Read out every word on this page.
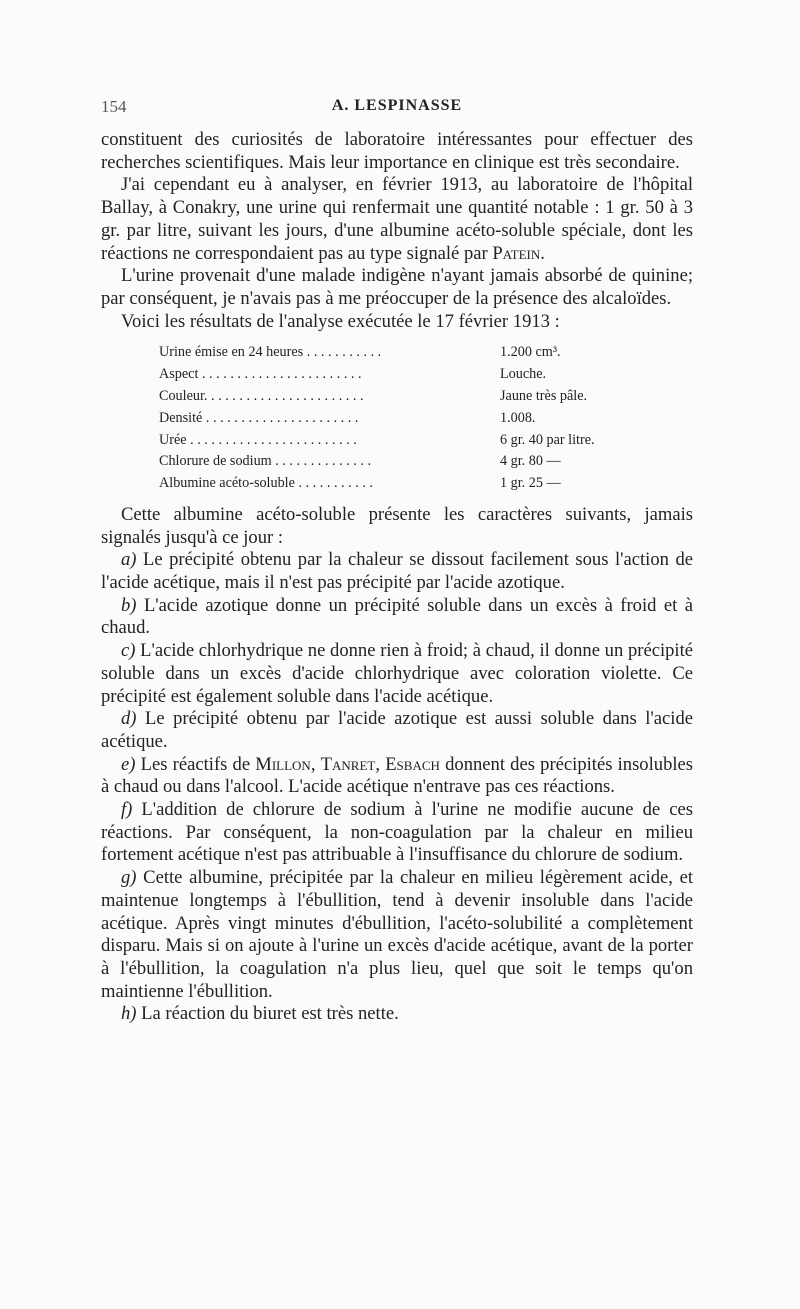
154	A. LESPINASSE

constituent des curiosités de laboratoire intéressantes pour effectuer des recherches scientifiques. Mais leur importance en clinique est très secondaire.

J'ai cependant eu à analyser, en février 1913, au laboratoire de l'hôpital Ballay, à Conakry, une urine qui renfermait une quantité notable : 1 gr. 50 à 3 gr. par litre, suivant les jours, d'une albumine acéto-soluble spéciale, dont les réactions ne correspondaient pas au type signalé par Patein.

L'urine provenait d'une malade indigène n'ayant jamais absorbé de quinine; par conséquent, je n'avais pas à me préoccuper de la présence des alcaloïdes.

Voici les résultats de l'analyse exécutée le 17 février 1913 :

Urine émise en 24 heures . . . . . . . . . . .	1.200 cm³.
Aspect . . . . . . . . . . . . . . . . . . . . . . .	Louche.
Couleur. . . . . . . . . . . . . . . . . . . . . . .	Jaune très pâle.
Densité . . . . . . . . . . . . . . . . . . . . . .	1.008.
Urée . . . . . . . . . . . . . . . . . . . . . . . .	6 gr. 40 par litre.
Chlorure de sodium . . . . . . . . . . . . . .	4 gr. 80 —
Albumine acéto-soluble . . . . . . . . . . .	1 gr. 25 —

Cette albumine acéto-soluble présente les caractères suivants, jamais signalés jusqu'à ce jour :

a) Le précipité obtenu par la chaleur se dissout facilement sous l'action de l'acide acétique, mais il n'est pas précipité par l'acide azotique.

b) L'acide azotique donne un précipité soluble dans un excès à froid et à chaud.

c) L'acide chlorhydrique ne donne rien à froid; à chaud, il donne un précipité soluble dans un excès d'acide chlorhydrique avec coloration violette. Ce précipité est également soluble dans l'acide acétique.

d) Le précipité obtenu par l'acide azotique est aussi soluble dans l'acide acétique.

e) Les réactifs de Millon, Tanret, Esbach donnent des précipités insolubles à chaud ou dans l'alcool. L'acide acétique n'entrave pas ces réactions.

f) L'addition de chlorure de sodium à l'urine ne modifie aucune de ces réactions. Par conséquent, la non-coagulation par la chaleur en milieu fortement acétique n'est pas attribuable à l'insuffisance du chlorure de sodium.

g) Cette albumine, précipitée par la chaleur en milieu légèrement acide, et maintenue longtemps à l'ébullition, tend à devenir insoluble dans l'acide acétique. Après vingt minutes d'ébullition, l'acéto-solubilité a complètement disparu. Mais si on ajoute à l'urine un excès d'acide acétique, avant de la porter à l'ébullition, la coagulation n'a plus lieu, quel que soit le temps qu'on maintienne l'ébullition.

h) La réaction du biuret est très nette.
